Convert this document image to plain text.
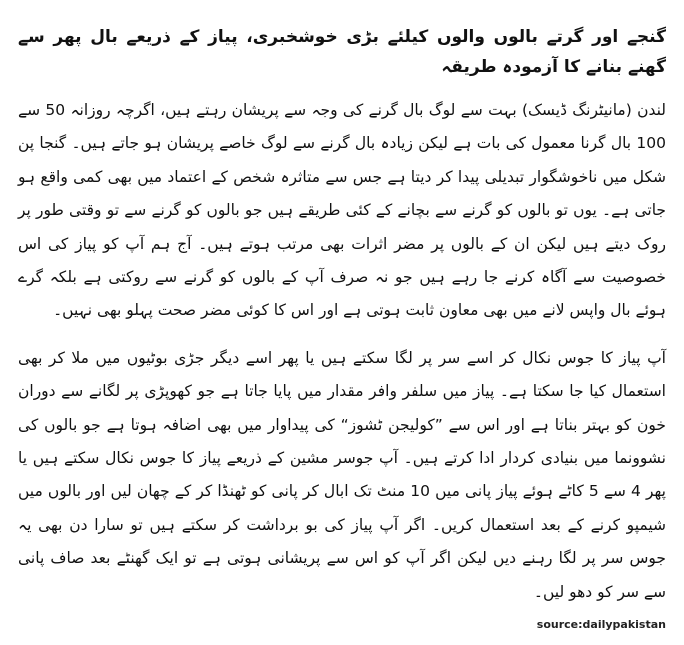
گنجے اور گرتے بالوں والوں کیلئے بڑی خوشخبری، پیاز کے ذریعے بال پھر سے گھنے بنانے کا آزمودہ طریقہ

لندن (مانیٹرنگ ڈیسک) بہت سے لوگ بال گرنے کی وجہ سے پریشان رہتے ہیں، اگرچہ روزانہ 50 سے 100 بال گرنا معمول کی بات ہے لیکن زیادہ بال گرنے سے لوگ خاصے پریشان ہو جاتے ہیں۔ گنجا پن شکل میں ناخوشگوار تبدیلی پیدا کر دیتا ہے جس سے متاثرہ شخص کے اعتماد میں بھی کمی واقع ہو جاتی ہے۔ یوں تو بالوں کو گرنے سے بچانے کے کئی طریقے ہیں جو بالوں کو گرنے سے تو وقتی طور پر روک دیتے ہیں لیکن ان کے بالوں پر مضر اثرات بھی مرتب ہوتے ہیں۔ آج ہم آپ کو پیاز کی اس خصوصیت سے آگاہ کرنے جا رہے ہیں جو نہ صرف آپ کے بالوں کو گرنے سے روکتی ہے بلکہ گرے ہوئے بال واپس لانے میں بھی معاون ثابت ہوتی ہے اور اس کا کوئی مضر صحت پہلو بھی نہیں۔

آپ پیاز کا جوس نکال کر اسے سر پر لگا سکتے ہیں یا پھر اسے دیگر جڑی بوٹیوں میں ملا کر بھی استعمال کیا جا سکتا ہے۔ پیاز میں سلفر وافر مقدار میں پایا جاتا ہے جو کھوپڑی پر لگانے سے دوران خون کو بہتر بناتا ہے اور اس سے ”کولیجن ٹشوز“ کی پیداوار میں بھی اضافہ ہوتا ہے جو بالوں کی نشوونما میں بنیادی کردار ادا کرتے ہیں۔ آپ جوسر مشین کے ذریعے پیاز کا جوس نکال سکتے ہیں یا پھر 4 سے 5 کاٹے ہوئے پیاز پانی میں 10 منٹ تک ابال کر پانی کو ٹھنڈا کر کے چھان لیں اور بالوں میں شیمپو کرنے کے بعد استعمال کریں۔ اگر آپ پیاز کی بو برداشت کر سکتے ہیں تو سارا دن بھی یہ جوس سر پر لگا رہنے دیں لیکن اگر آپ کو اس سے پریشانی ہوتی ہے تو ایک گھنٹے بعد صاف پانی سے سر کو دھو لیں۔

source:dailypakistan
